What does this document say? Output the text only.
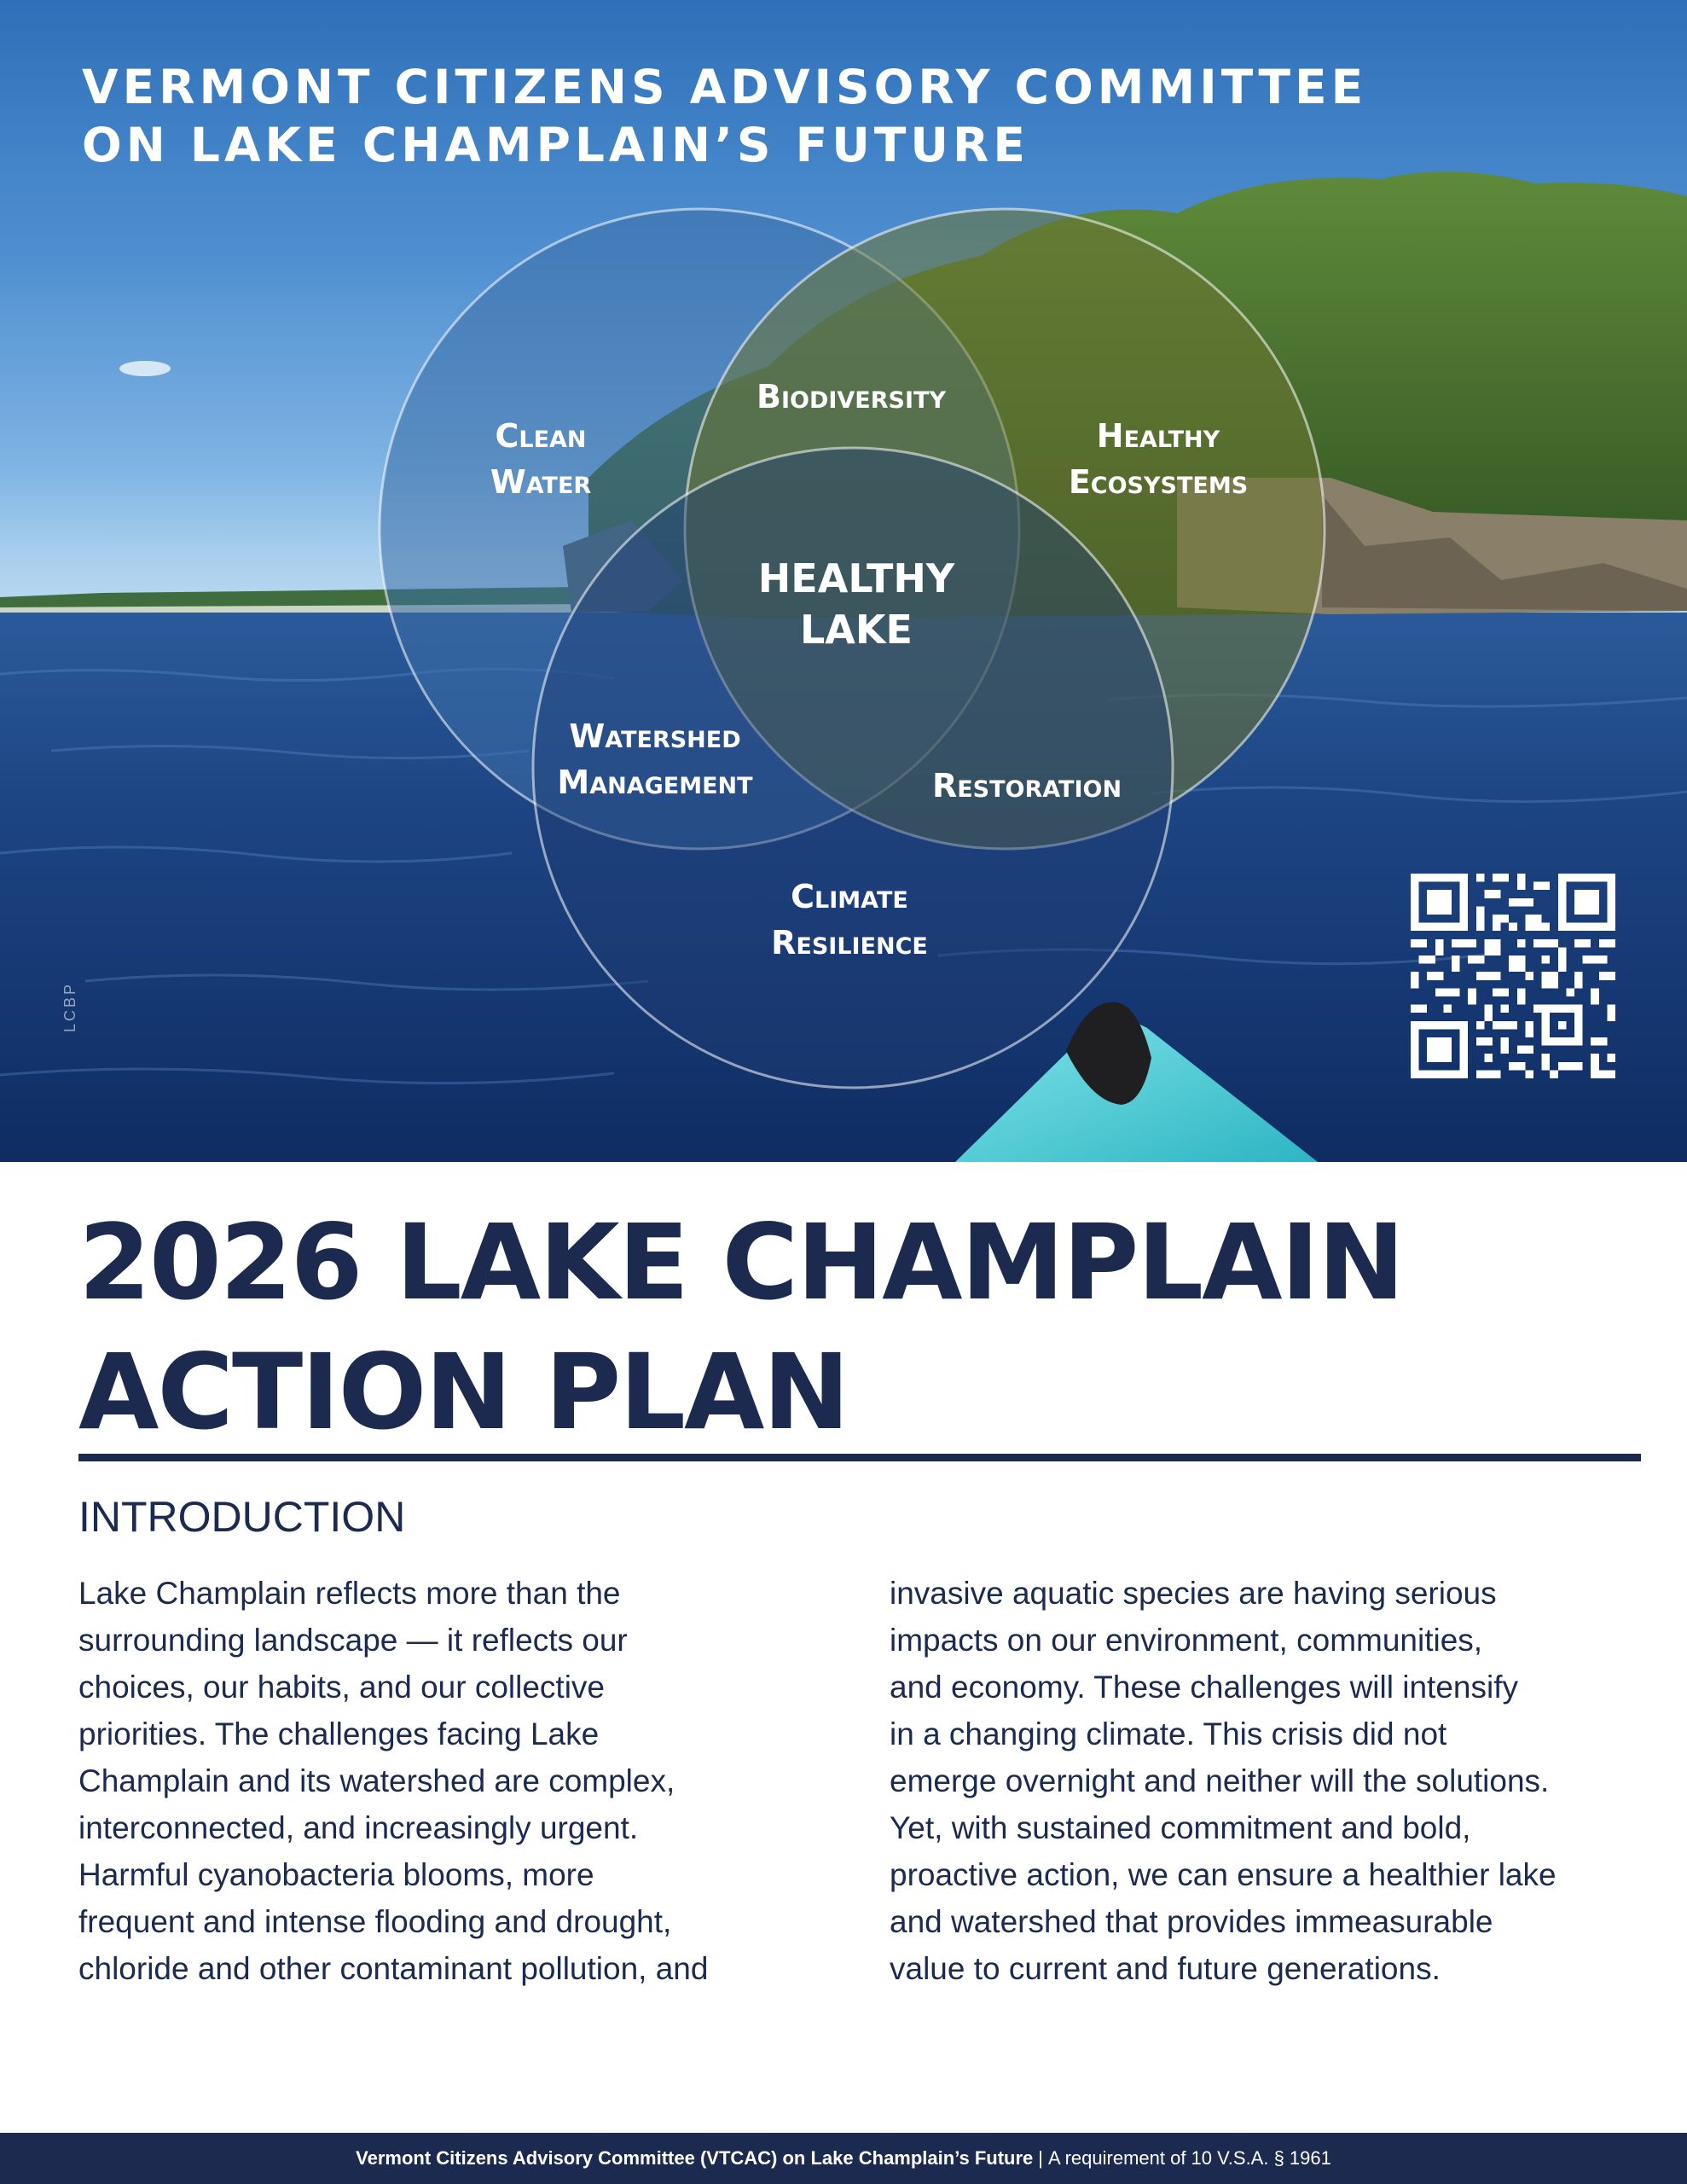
VERMONT CITIZENS ADVISORY COMMITTEE
ON LAKE CHAMPLAIN’S FUTURE
Clean
Water
Biodiversity
Healthy
Ecosystems
HEALTHY
LAKE
Watershed
Management	Restoration
Climate
Resilience
LCBP
2026 LAKE CHAMPLAIN
ACTION PLAN
INTRODUCTION

Lake Champlain reflects more than the
surrounding landscape — it reflects our
choices, our habits, and our collective
priorities. The challenges facing Lake
Champlain and its watershed are complex,
interconnected, and increasingly urgent.
Harmful cyanobacteria blooms, more
frequent and intense flooding and drought,
chloride and other contaminant pollution, and

invasive aquatic species are having serious
impacts on our environment, communities,
and economy. These challenges will intensify
in a changing climate. This crisis did not
emerge overnight and neither will the solutions.
Yet, with sustained commitment and bold,
proactive action, we can ensure a healthier lake
and watershed that provides immeasurable
value to current and future generations.

Vermont Citizens Advisory Committee (VTCAC) on Lake Champlain’s Future | A requirement of 10 V.S.A. § 1961
